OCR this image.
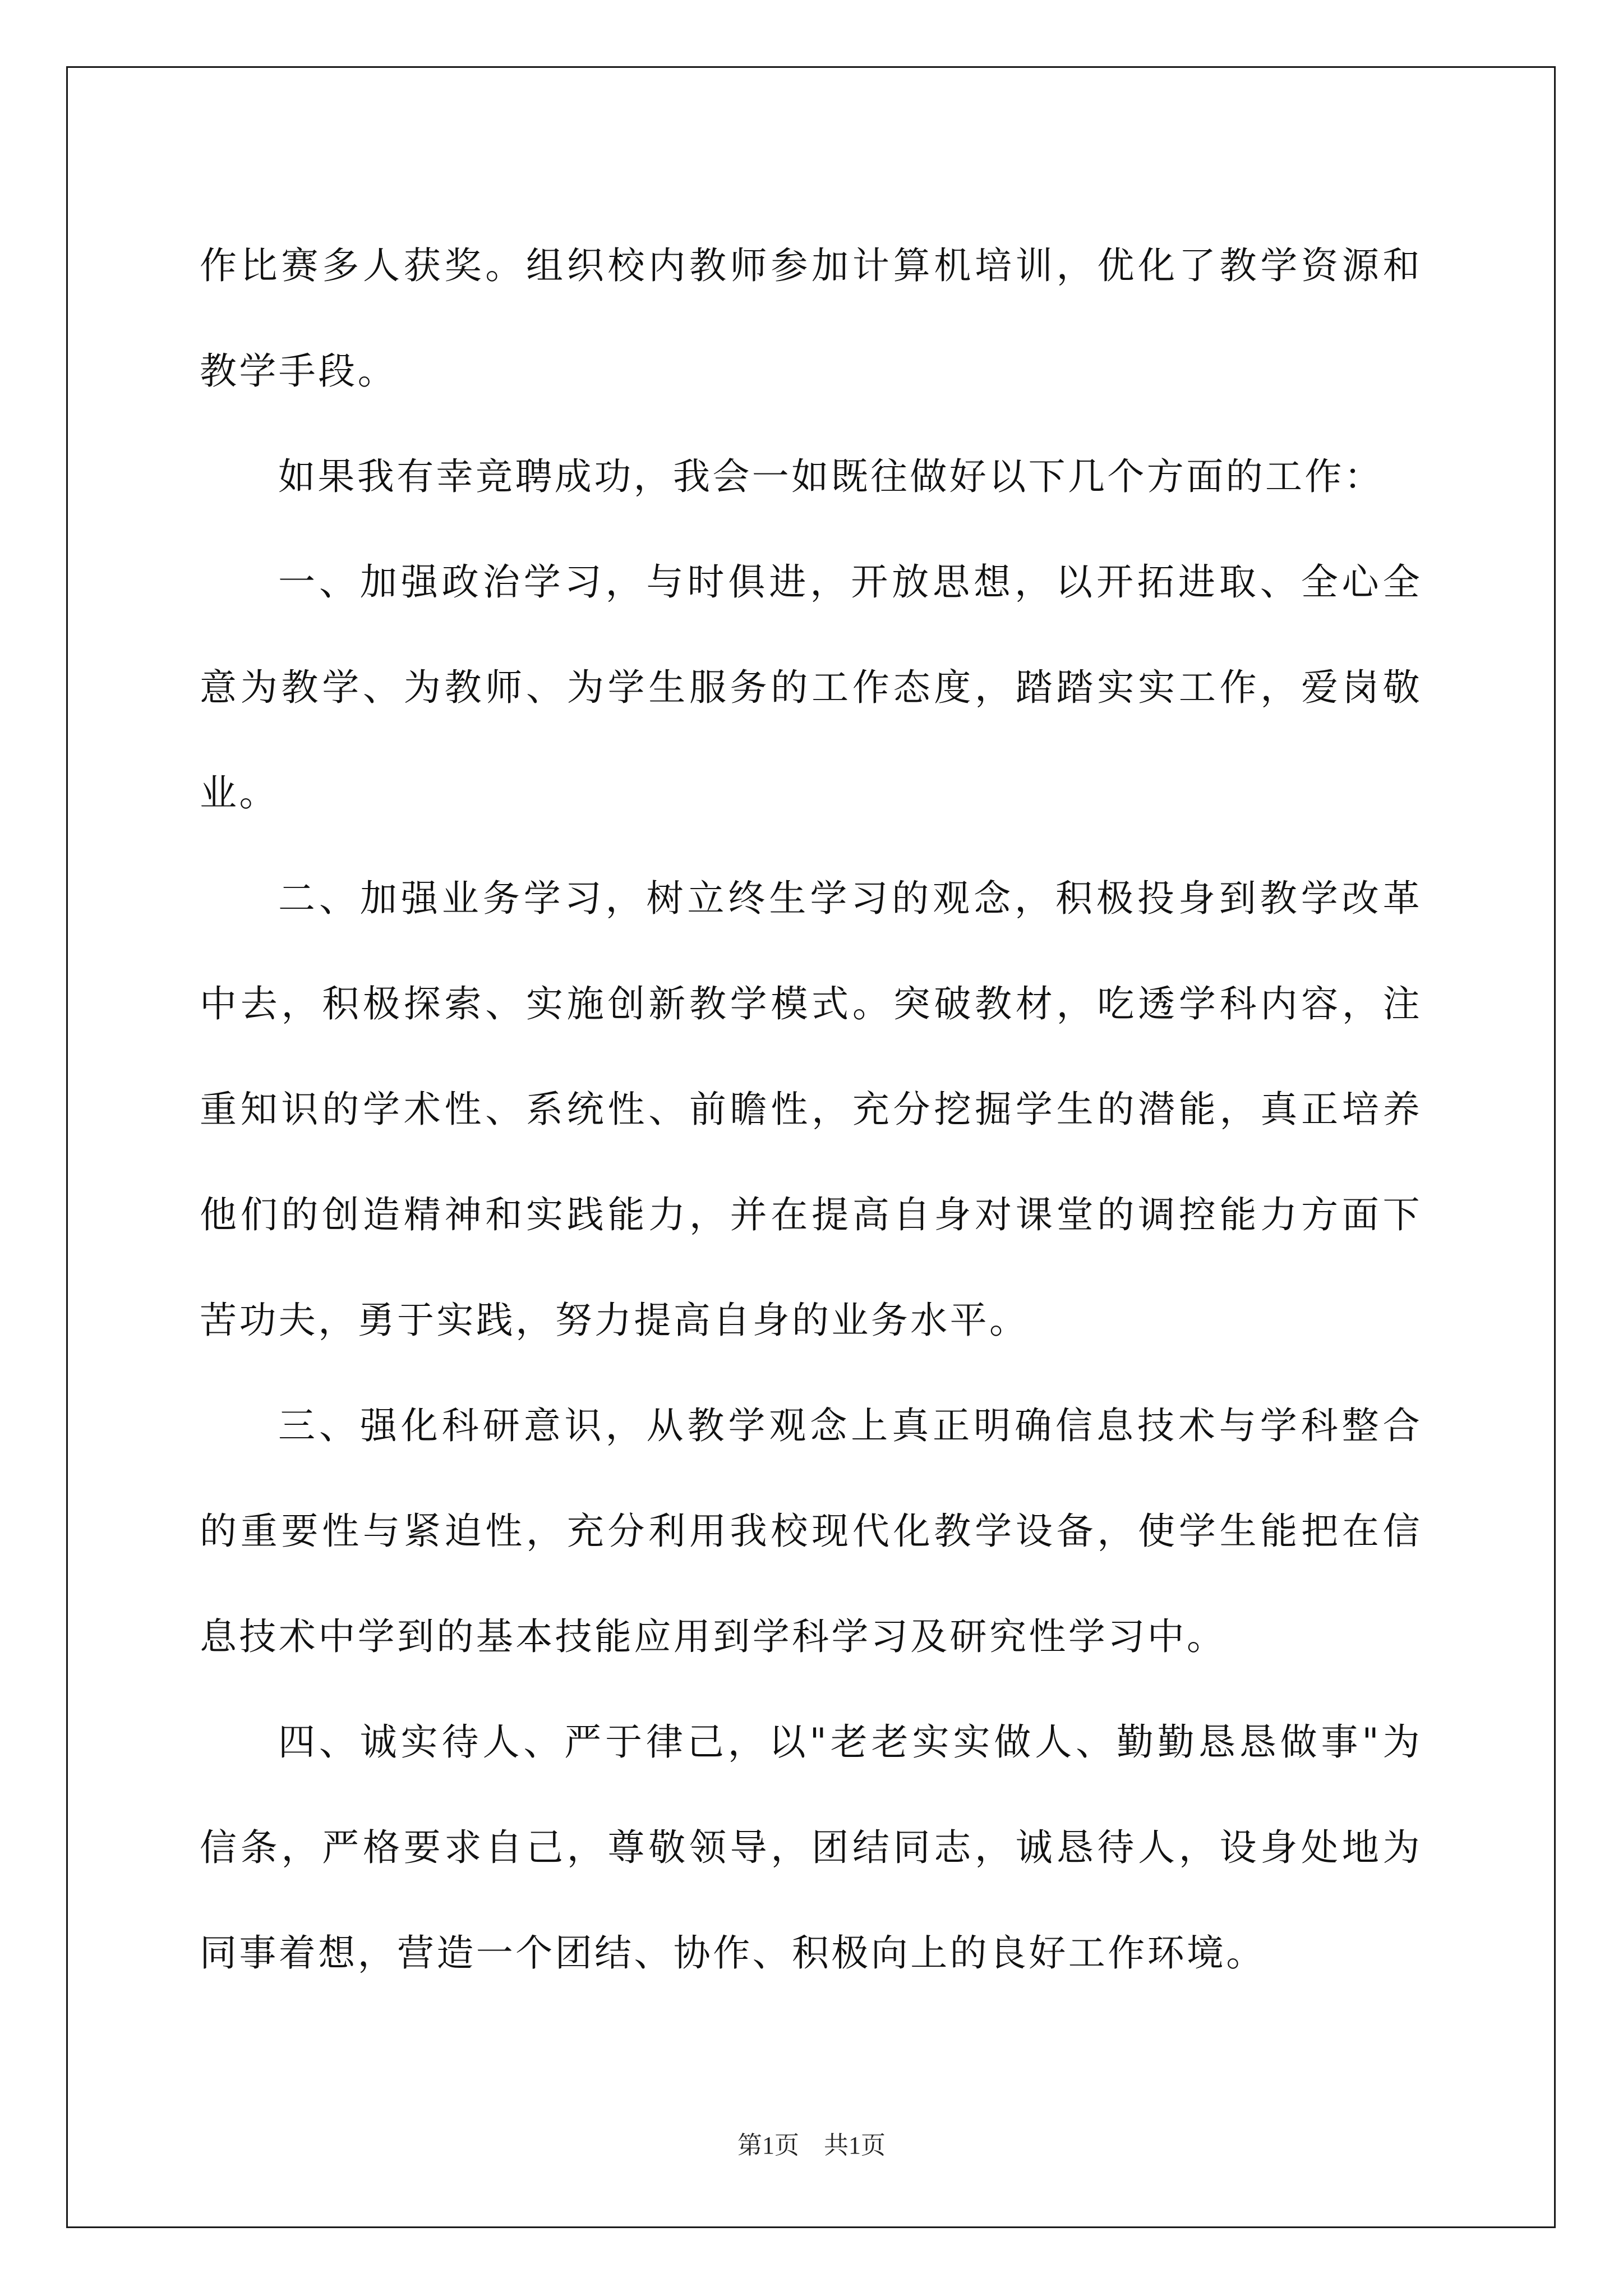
作比赛多人获奖。组织校内教师参加计算机培训，优化了教学资源和教学手段。

如果我有幸竞聘成功，我会一如既往做好以下几个方面的工作：

一、加强政治学习，与时俱进，开放思想，以开拓进取、全心全意为教学、为教师、为学生服务的工作态度，踏踏实实工作，爱岗敬业。

二、加强业务学习，树立终生学习的观念，积极投身到教学改革中去，积极探索、实施创新教学模式。突破教材，吃透学科内容，注重知识的学术性、系统性、前瞻性，充分挖掘学生的潜能，真正培养他们的创造精神和实践能力，并在提高自身对课堂的调控能力方面下苦功夫，勇于实践，努力提高自身的业务水平。

三、强化科研意识，从教学观念上真正明确信息技术与学科整合的重要性与紧迫性，充分利用我校现代化教学设备，使学生能把在信息技术中学到的基本技能应用到学科学习及研究性学习中。

四、诚实待人、严于律己，以"老老实实做人、勤勤恳恳做事"为信条，严格要求自己，尊敬领导，团结同志，诚恳待人，设身处地为同事着想，营造一个团结、协作、积极向上的良好工作环境。

第1页　共1页
